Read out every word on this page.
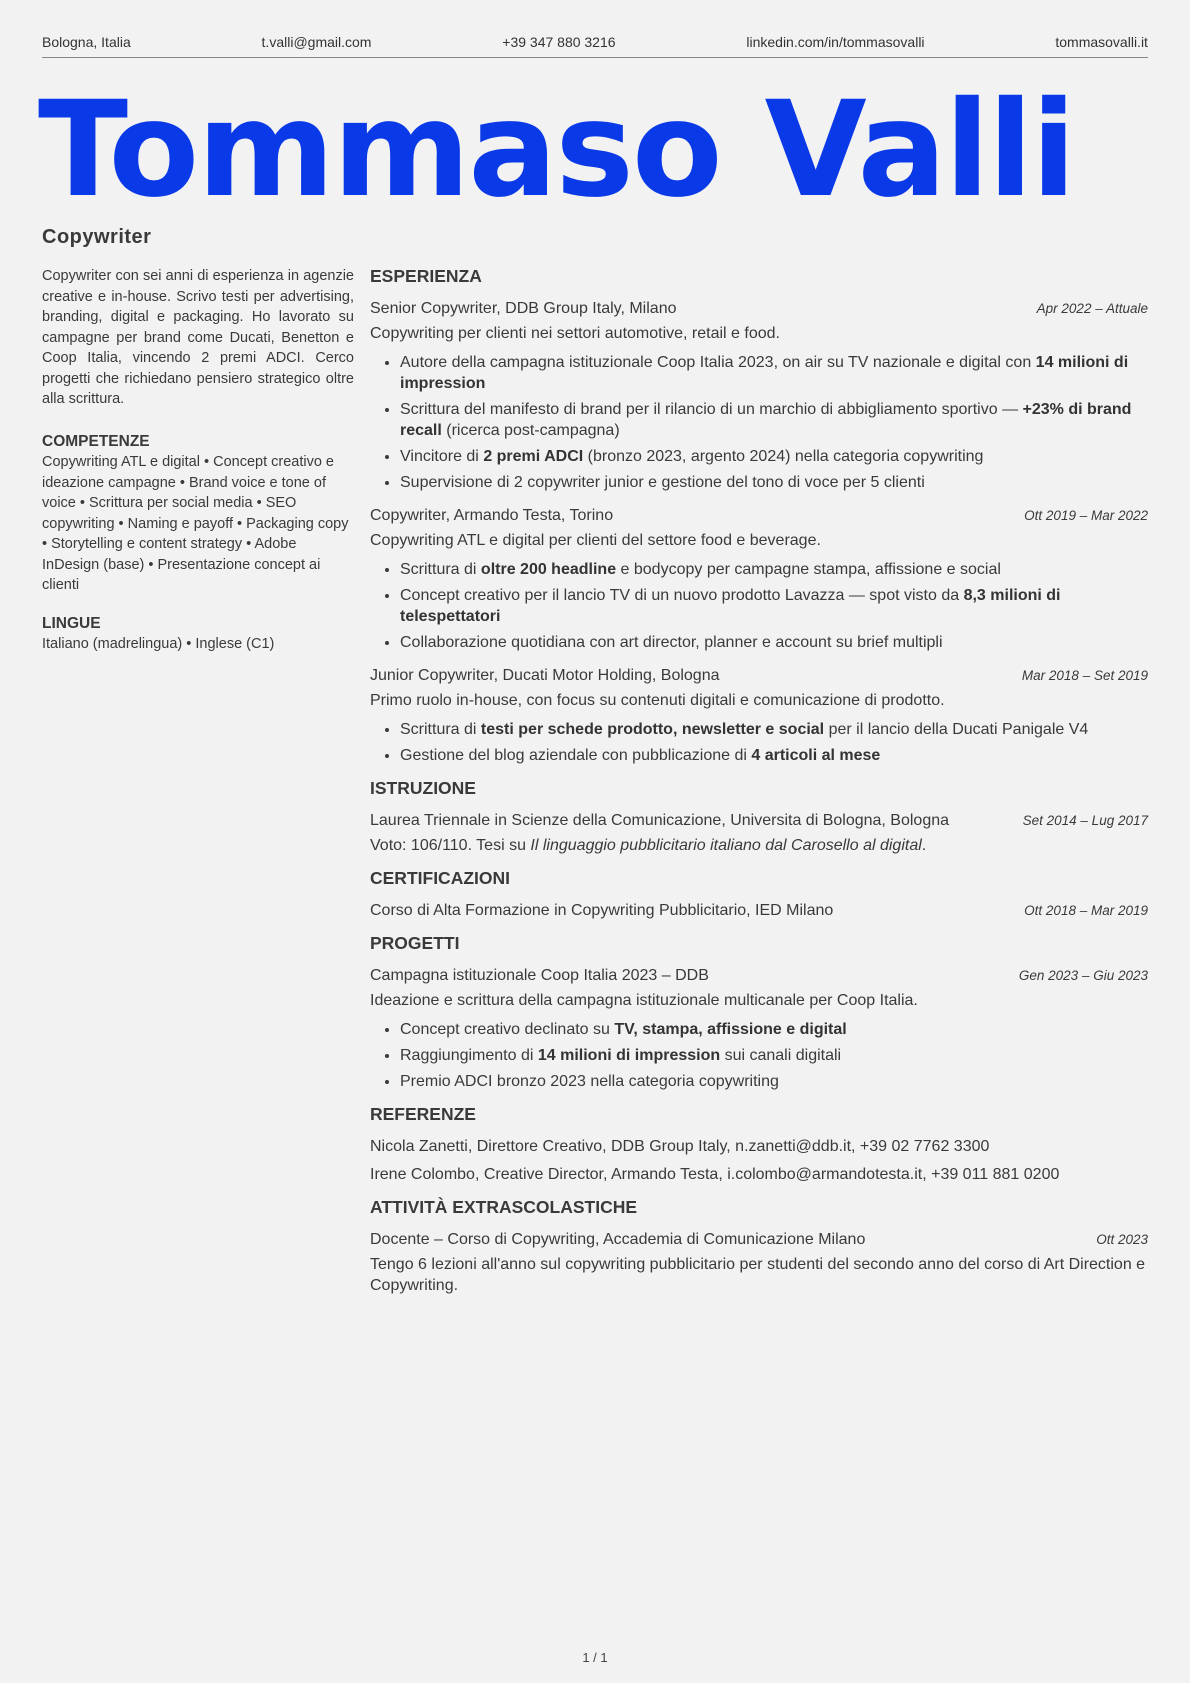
Bologna, Italia	t.valli@gmail.com	+39 347 880 3216	linkedin.com/in/tommasovalli	tommasovalli.it
Tommaso Valli
Copywriter

Copywriter con sei anni di esperienza in agenzie creative e in-house. Scrivo testi per advertising, branding, digital e packaging. Ho lavorato su campagne per brand come Ducati, Benetton e Coop Italia, vincendo 2 premi ADCI. Cerco progetti che richiedano pensiero strategico oltre alla scrittura.

COMPETENZE
Copywriting ATL e digital • Concept creativo e ideazione campagne • Brand voice e tone of voice • Scrittura per social media • SEO copywriting • Naming e payoff • Packaging copy • Storytelling e content strategy • Adobe InDesign (base) • Presentazione concept ai clienti
LINGUE
Italiano (madrelingua) • Inglese (C1)
ESPERIENZA
Senior Copywriter, DDB Group Italy, Milano	Apr 2022 – Attuale
Copywriting per clienti nei settori automotive, retail e food.
• Autore della campagna istituzionale Coop Italia 2023, on air su TV nazionale e digital con 14 milioni di impression
• Scrittura del manifesto di brand per il rilancio di un marchio di abbigliamento sportivo — +23% di brand recall (ricerca post-campagna)
• Vincitore di 2 premi ADCI (bronzo 2023, argento 2024) nella categoria copywriting
• Supervisione di 2 copywriter junior e gestione del tono di voce per 5 clienti
Copywriter, Armando Testa, Torino	Ott 2019 – Mar 2022
Copywriting ATL e digital per clienti del settore food e beverage.
• Scrittura di oltre 200 headline e bodycopy per campagne stampa, affissione e social
• Concept creativo per il lancio TV di un nuovo prodotto Lavazza — spot visto da 8,3 milioni di telespettatori
• Collaborazione quotidiana con art director, planner e account su brief multipli
Junior Copywriter, Ducati Motor Holding, Bologna	Mar 2018 – Set 2019
Primo ruolo in-house, con focus su contenuti digitali e comunicazione di prodotto.
• Scrittura di testi per schede prodotto, newsletter e social per il lancio della Ducati Panigale V4
• Gestione del blog aziendale con pubblicazione di 4 articoli al mese
ISTRUZIONE
Laurea Triennale in Scienze della Comunicazione, Universita di Bologna, Bologna	Set 2014 – Lug 2017
Voto: 106/110. Tesi su Il linguaggio pubblicitario italiano dal Carosello al digital.
CERTIFICAZIONI
Corso di Alta Formazione in Copywriting Pubblicitario, IED Milano	Ott 2018 – Mar 2019
PROGETTI
Campagna istituzionale Coop Italia 2023 – DDB	Gen 2023 – Giu 2023
Ideazione e scrittura della campagna istituzionale multicanale per Coop Italia.
• Concept creativo declinato su TV, stampa, affissione e digital
• Raggiungimento di 14 milioni di impression sui canali digitali
• Premio ADCI bronzo 2023 nella categoria copywriting
REFERENZE
Nicola Zanetti, Direttore Creativo, DDB Group Italy, n.zanetti@ddb.it, +39 02 7762 3300
Irene Colombo, Creative Director, Armando Testa, i.colombo@armandotesta.it, +39 011 881 0200
ATTIVITÀ EXTRASCOLASTICHE
Docente – Corso di Copywriting, Accademia di Comunicazione Milano	Ott 2023
Tengo 6 lezioni all'anno sul copywriting pubblicitario per studenti del secondo anno del corso di Art Direction e Copywriting.
1 / 1
